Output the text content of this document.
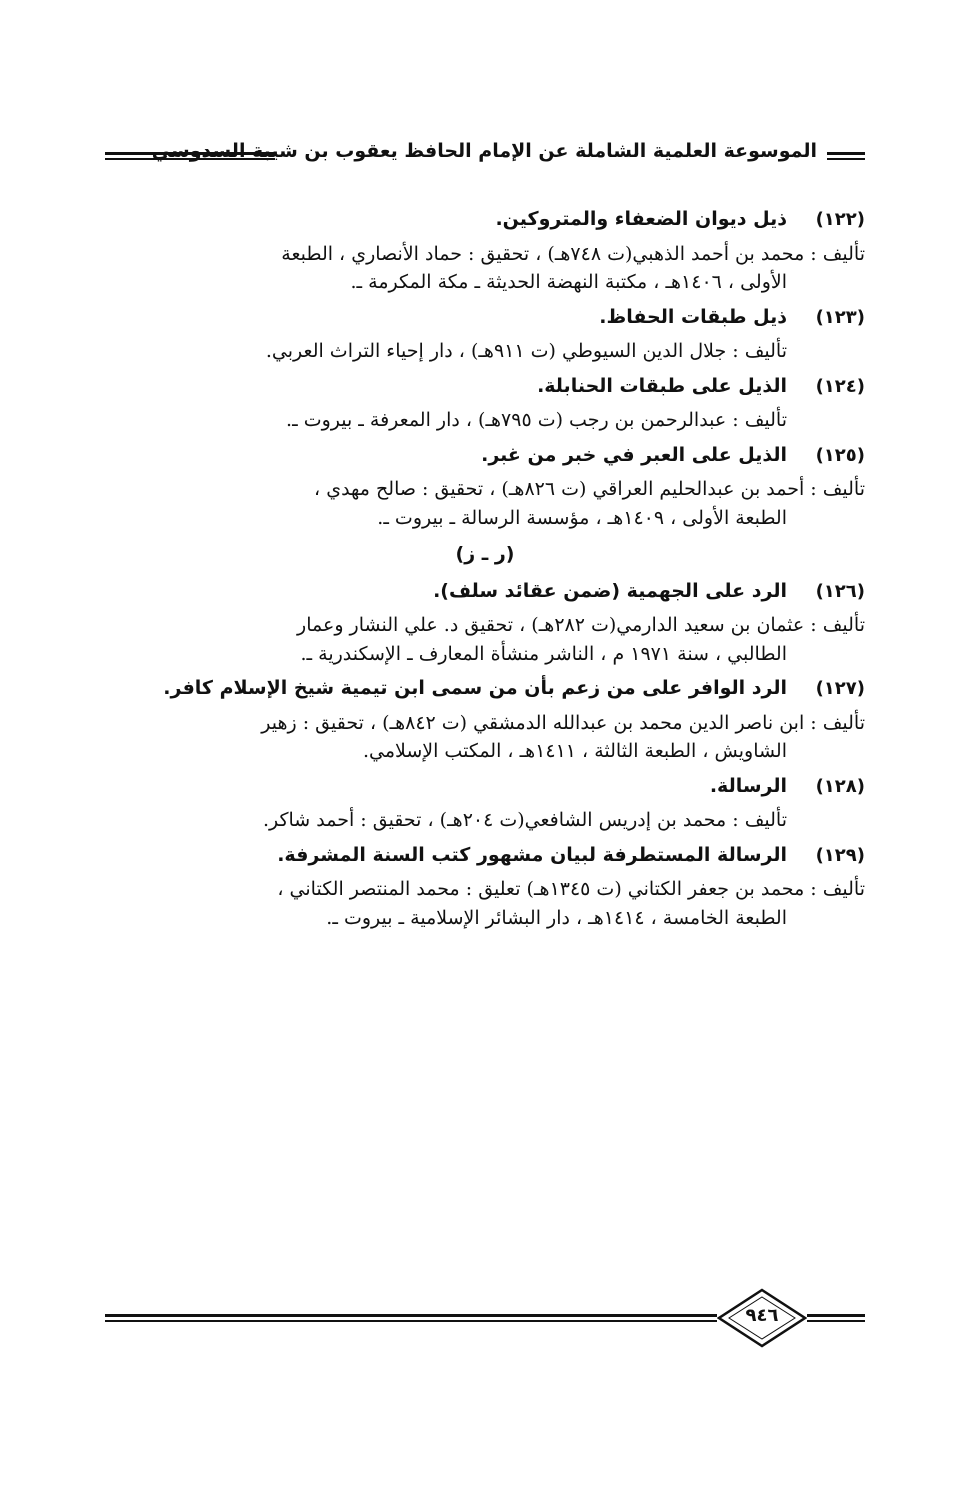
الموسوعة العلمية الشاملة عن الإمام الحافظ يعقوب بن شيبة السدوسي
(١٢٢)
ذيل ديوان الضعفاء والمتروكين.
تأليف : محمد بن أحمد الذهبي(ت ٧٤٨هـ) ، تحقيق : حماد الأنصاري ، الطبعة
الأولى ، ١٤٠٦هـ ، مكتبة النهضة الحديثة ـ مكة المكرمة ـ.
(١٢٣)
ذيل طبقات الحفاظ.
تأليف : جلال الدين السيوطي (ت ٩١١هـ) ، دار إحياء التراث العربي.
(١٢٤)
الذيل على طبقات الحنابلة.
تأليف : عبدالرحمن بن رجب (ت ٧٩٥هـ) ، دار المعرفة ـ بيروت ـ.
(١٢٥)
الذيل على العبر في خبر من غبر.
تأليف : أحمد بن عبدالحليم العراقي (ت ٨٢٦هـ) ، تحقيق : صالح مهدي ،
الطبعة الأولى ، ١٤٠٩هـ ، مؤسسة الرسالة ـ بيروت ـ.
(ر ـ ز)
(١٢٦)
الرد على الجهمية (ضمن عقائد سلف).
تأليف : عثمان بن سعيد الدارمي(ت ٢٨٢هـ) ، تحقيق د. علي النشار وعمار
الطالبي ، سنة ١٩٧١ م ، الناشر منشأة المعارف ـ الإسكندرية ـ.
(١٢٧)
الرد الوافر على من زعم بأن من سمى ابن تيمية شيخ الإسلام كافر.
تأليف : ابن ناصر الدين محمد بن عبدالله الدمشقي (ت ٨٤٢هـ) ، تحقيق : زهير
الشاويش ، الطبعة الثالثة ، ١٤١١هـ ، المكتب الإسلامي.
(١٢٨)
الرسالة.
تأليف : محمد بن إدريس الشافعي(ت ٢٠٤هـ) ، تحقيق : أحمد شاكر.
(١٢٩)
الرسالة المستطرفة لبيان مشهور كتب السنة المشرفة.
تأليف : محمد بن جعفر الكتاني (ت ١٣٤٥هـ) تعليق : محمد المنتصر الكتاني ،
الطبعة الخامسة ، ١٤١٤هـ ، دار البشائر الإسلامية ـ بيروت ـ.
٩٤٦
